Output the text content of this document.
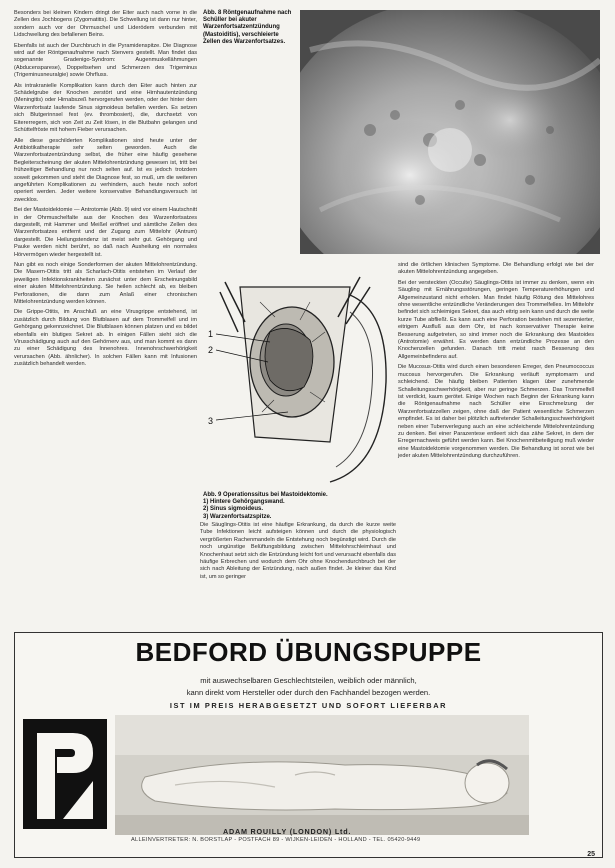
Besonders bei kleinen Kindern dringt der Eiter auch nach vorne in die Zellen des Jochbogens (Zygomatitis). Die Schwellung ist dann nur hinter, sondern auch vor der Ohrmuschel und Liderödem verbunden mit Lidschwellung des befallenen Beins.

Ebenfalls ist auch der Durchbruch in die Pyramidenspitze. Die Diagnose wird auf der Röntgenaufnahme nach Stenvers gestellt. Man findet das sogenannte Gradenigo-Syndrom: Augenmuskellähmungen (Abducensparese), Doppeltsehen und Schmerzen des Trigeminus (Trigeminusneuralgie) sowie Ohrfluss.

Als intrakranielle Komplikation kann durch den Eiter auch hinten zur Schädelgrube der Knochen zerstört und eine Hirnhautentzündung (Meningitis) oder Hirnabszeß hervorgerufen werden, oder der hinter dem Warzenfortsatz laufende Sinus sigmoideus befallen werden. Es setzen sich Blutgerinnsel fest (ev. thrombosiert), die, durchsetzt von Eitererregern, sich von Zeit zu Zeit lösen, in die Blutbahn gelangen und Schüttelfröste mit hohem Fieber verursachen.

Alle diese geschilderten Komplikationen sind heute unter der Antibiotikatherapie sehr selten geworden. Auch die Warzenfortsatzentzündung selbst, die früher eine häufig gesehene Begleiterscheinung der akuten Mittelohrentzündung gewesen ist, tritt bei frühzeitiger Behandlung nur noch selten auf. Ist es jedoch trotzdem soweit gekommen und steht die Diagnose fest, so muß, um die weiteren angeführten Komplikationen zu verhindern, auch heute noch sofort operiert werden. Jeder weitere konservative Behandlungsversuch ist zwecklos.

Bei der Mastoidektomie — Antrotomie (Abb. 9) wird vor einem Hautschnitt in der Ohrmuschelfalte aus der Knochen des Warzenfortsatzes dargestellt, mit Hammer und Meißel eröffnet und sämtliche Zellen des Warzenfortsatzes entfernt und der Zugang zum Mittelohr (Antrum) dargestellt. Die Heilungstendenz ist meist sehr gut. Gehörgang und Pauke werden nicht berührt, so daß nach Ausheilung ein normales Hörvermögen wieder hergestellt ist.

Nun gibt es noch einige Sonderformen der akuten Mittelohrentzündung. Die Masern-Otitis tritt als Scharlach-Otitis entstehen im Verlauf der jeweiligen Infektionskrankheiten zunächst unter dem Erscheinungsbild einer akuten Mittelohrentzündung. Sie heilen schlecht ab, es bleiben Perforationen, die dann zum Anlaß einer chronischen Mittelohrentzündung werden können.

Die Grippe-Otitis, im Anschluß an eine Virusgrippe entstehend, ist zusätzlich durch Bildung von Blutblasen auf dem Trommelfell und im Gehörgang gekennzeichnet. Die Blutblasen können platzen und es bildet ebenfalls ein blutiges Sekret ab. In einigen Fällen sieht sich die Virusschädigung auch auf den Gehörnerv aus, und man kommt es dann zu einer Schädigung des Innenohres. Innenohrschwerhörigkeit verursachen (Abb. ähnlicher). In solchen Fällen kann mit Infusionen zusätzlich behandelt werden.

Abb. 8 Röntgenaufnahme nach Schüller bei akuter Warzenfortsatzentzündung (Mastoiditis), verschleierte Zellen des Warzenfortsatzes.
1
2
3
Abb. 9 Operationssitus bei Mastoidektomie.
1) Hintere Gehörgangswand.
2) Sinus sigmoideus.
3) Warzenfortsatzspitze.

Die Säuglings-Otitis ist eine häufige Erkrankung, da durch die kurze weite Tube Infektionen leicht aufsteigen können und durch die physiologisch vergrößerten Rachenmandeln die Entstehung noch begünstigt wird. Durch die noch ungünstige Belüftungsbildung zwischen Mittelohrschleimhaut und Knochenhaut setzt sich die Entzündung leicht fort und verursacht ebenfalls das häufige Erbrechen und wodurch dem Ohr ohne Knochendurchbruch bei der sich nach Ableitung der Entzündung, nach außen findet. Je kleiner das Kind ist, um so geringer

sind die örtlichen klinischen Symptome. Die Behandlung erfolgt wie bei der akuten Mittelohrentzündung angegeben.

Bei der versteckten (Occulte) Säuglings-Otitis ist immer zu denken, wenn ein Säugling mit Ernährungsstörungen, geringen Temperaturerhöhungen und Allgemeinzustand nicht erholen. Man findet häufig Rötung des Mittelohres ohne wesentliche entzündliche Veränderungen des Trommelfelles. Im Mittelohr befindet sich schleimiges Sekret, das auch eitrig sein kann und durch die weite kurze Tube abfließt. Es kann auch eine Perforation bestehen mit sezernierter, eitrigem Ausfluß aus dem Ohr, ist nach konservativer Therapie keine Besserung aufgetreten, so sind immer noch die Erkrankung des Mastoides (Antrotomie) erwähnt. Es werden dann entzündliche Prozesse an den Knochenzellen gefunden. Danach tritt meist rasch Besserung des Allgemeinbefindens auf.

Die Mucosus-Otitis wird durch einen besonderen Erreger, den Pneumococcus mucosus hervorgerufen. Die Erkrankung verläuft symptomarm und schleichend. Die häufig bleiben Patienten klagen über zunehmende Schalleitungsschwerhörigkeit, aber nur geringe Schmerzen. Das Trommelfell ist verdickt, kaum gerötet. Einige Wochen nach Beginn der Erkrankung kann die Röntgenaufnahme nach Schüller eine Einschmelzung der Warzenfortsatzzellen zeigen, ohne daß der Patient wesentliche Schmerzen empfindet. Es ist daher bei plötzlich auftretender Schalleitungsschwerhörigkeit neben einer Tubenverlegung auch an eine schleichende Mittelohrentzündung zu denken. Bei einer Parazentese entleert sich das zähe Sekret, in dem der Erregernachweis geführt werden kann. Bei Knochenmitbeteiligung muß wieder eine Mastoidektomie vorgenommen werden. Die Behandlung ist sonst wie bei jeder akuten Mittelohrentzündung durchzuführen.

BEDFORD ÜBUNGSPUPPE
mit auswechselbaren Geschlechtsteilen, weiblich oder männlich,
kann direkt vom Hersteller oder durch den Fachhandel bezogen werden.
IST IM PREIS HERABGESETZT UND SOFORT LIEFERBAR
ADAM ROUILLY (LONDON) Ltd.
ALLEINVERTRETER: N. BORSTLAP - POSTFACH 89 - WIJKEN-LEIDEN - HOLLAND - TEL. 05420-9449
25
